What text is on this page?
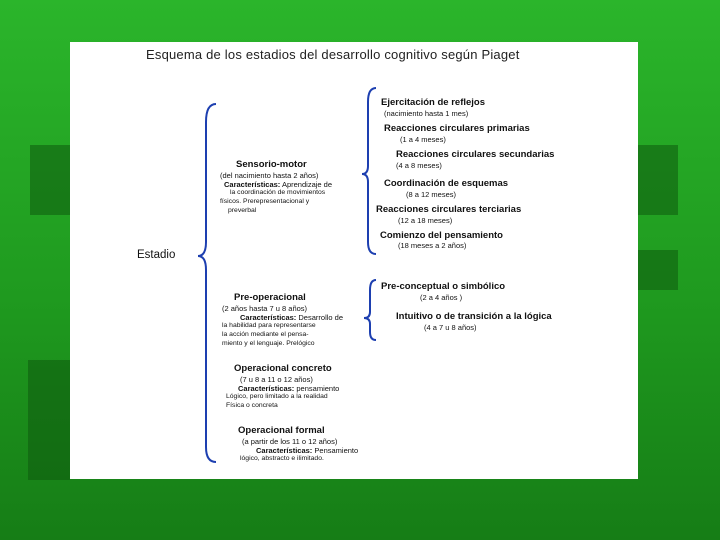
Esquema de los estadios del desarrollo cognitivo según Piaget
Estadio
Sensorio-motor
(del nacimiento hasta 2 años)
Características: Aprendizaje de
la coordinación de movimientos
físicos. Prerepresentacional y
preverbal
Pre-operacional
(2 años hasta 7 u 8 años)
Características: Desarrollo de
la habilidad para representarse
la acción mediante el pensa-
miento y el lenguaje. Prelógico
Operacional concreto
(7 u 8 a 11 o 12 años)
Características: pensamiento
Lógico, pero limitado a la realidad
Física o concreta
Operacional formal
(a partir de los 11 o 12 años)
Características: Pensamiento
lógico, abstracto e ilimitado.
Ejercitación de reflejos
(nacimiento hasta 1 mes)
Reacciones circulares primarias
(1 a 4 meses)
Reacciones circulares secundarias
(4 a 8 meses)
Coordinación de esquemas
(8 a 12 meses)
Reacciones circulares terciarias
(12 a 18 meses)
Comienzo del pensamiento
(18 meses a 2 años)
Pre-conceptual o simbólico
(2 a 4 años )
Intuitivo o de transición a la lógica
(4 a 7 u 8 años)
